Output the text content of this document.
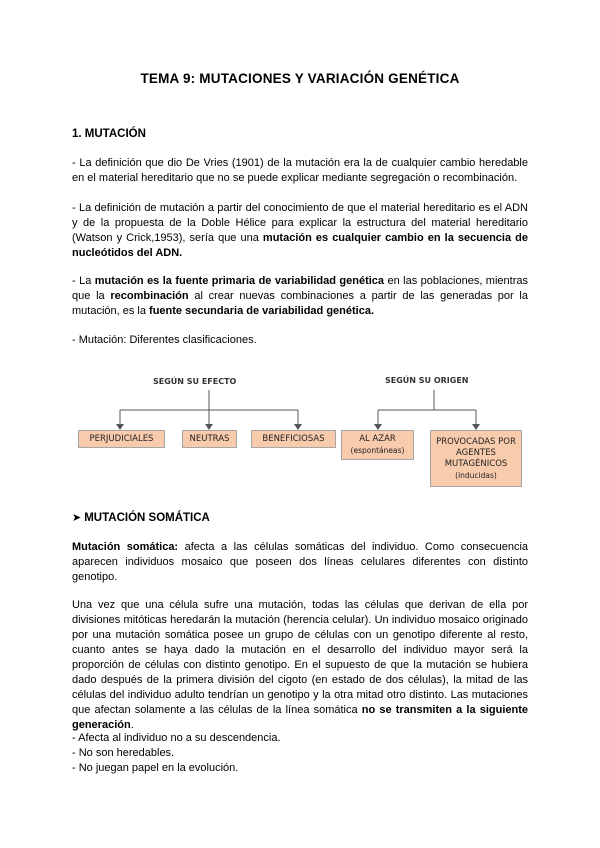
TEMA 9: MUTACIONES Y VARIACIÓN GENÉTICA
1. MUTACIÓN
- La definición que dio De Vries (1901) de la mutación era la de cualquier cambio heredable en el material hereditario que no se puede explicar mediante segregación o recombinación.
- La definición de mutación a partir del conocimiento de que el material hereditario es el ADN y de la propuesta de la Doble Hélice para explicar la estructura del material hereditario (Watson y Crick,1953), sería que una mutación es cualquier cambio en la secuencia de nucleótidos del ADN.
- La mutación es la fuente primaria de variabilidad genética en las poblaciones, mientras que la recombinación al crear nuevas combinaciones a partir de las generadas por la mutación, es la fuente secundaria de variabilidad genética.
- Mutación: Diferentes clasificaciones.
SEGÚN SU EFECTO	SEGÚN SU ORIGEN
PERJUDICIALES	NEUTRAS	BENEFICIOSAS	AL AZAR
(espontáneas)
PROVOCADAS POR
AGENTES
MUTAGÉNICOS
(inducidas)
➤ MUTACIÓN SOMÁTICA
Mutación somática: afecta a las células somáticas del individuo. Como consecuencia aparecen individuos mosaico que poseen dos líneas celulares diferentes con distinto genotipo.
Una vez que una célula sufre una mutación, todas las células que derivan de ella por divisiones mitóticas heredarán la mutación (herencia celular). Un individuo mosaico originado por una mutación somática posee un grupo de células con un genotipo diferente al resto, cuanto antes se haya dado la mutación en el desarrollo del individuo mayor será la proporción de células con distinto genotipo. En el supuesto de que la mutación se hubiera dado después de la primera división del cigoto (en estado de dos células), la mitad de las células del individuo adulto tendrían un genotipo y la otra mitad otro distinto. Las mutaciones que afectan solamente a las células de la línea somática no se transmiten a la siguiente generación.
- Afecta al individuo no a su descendencia.
- No son heredables.
- No juegan papel en la evolución.
